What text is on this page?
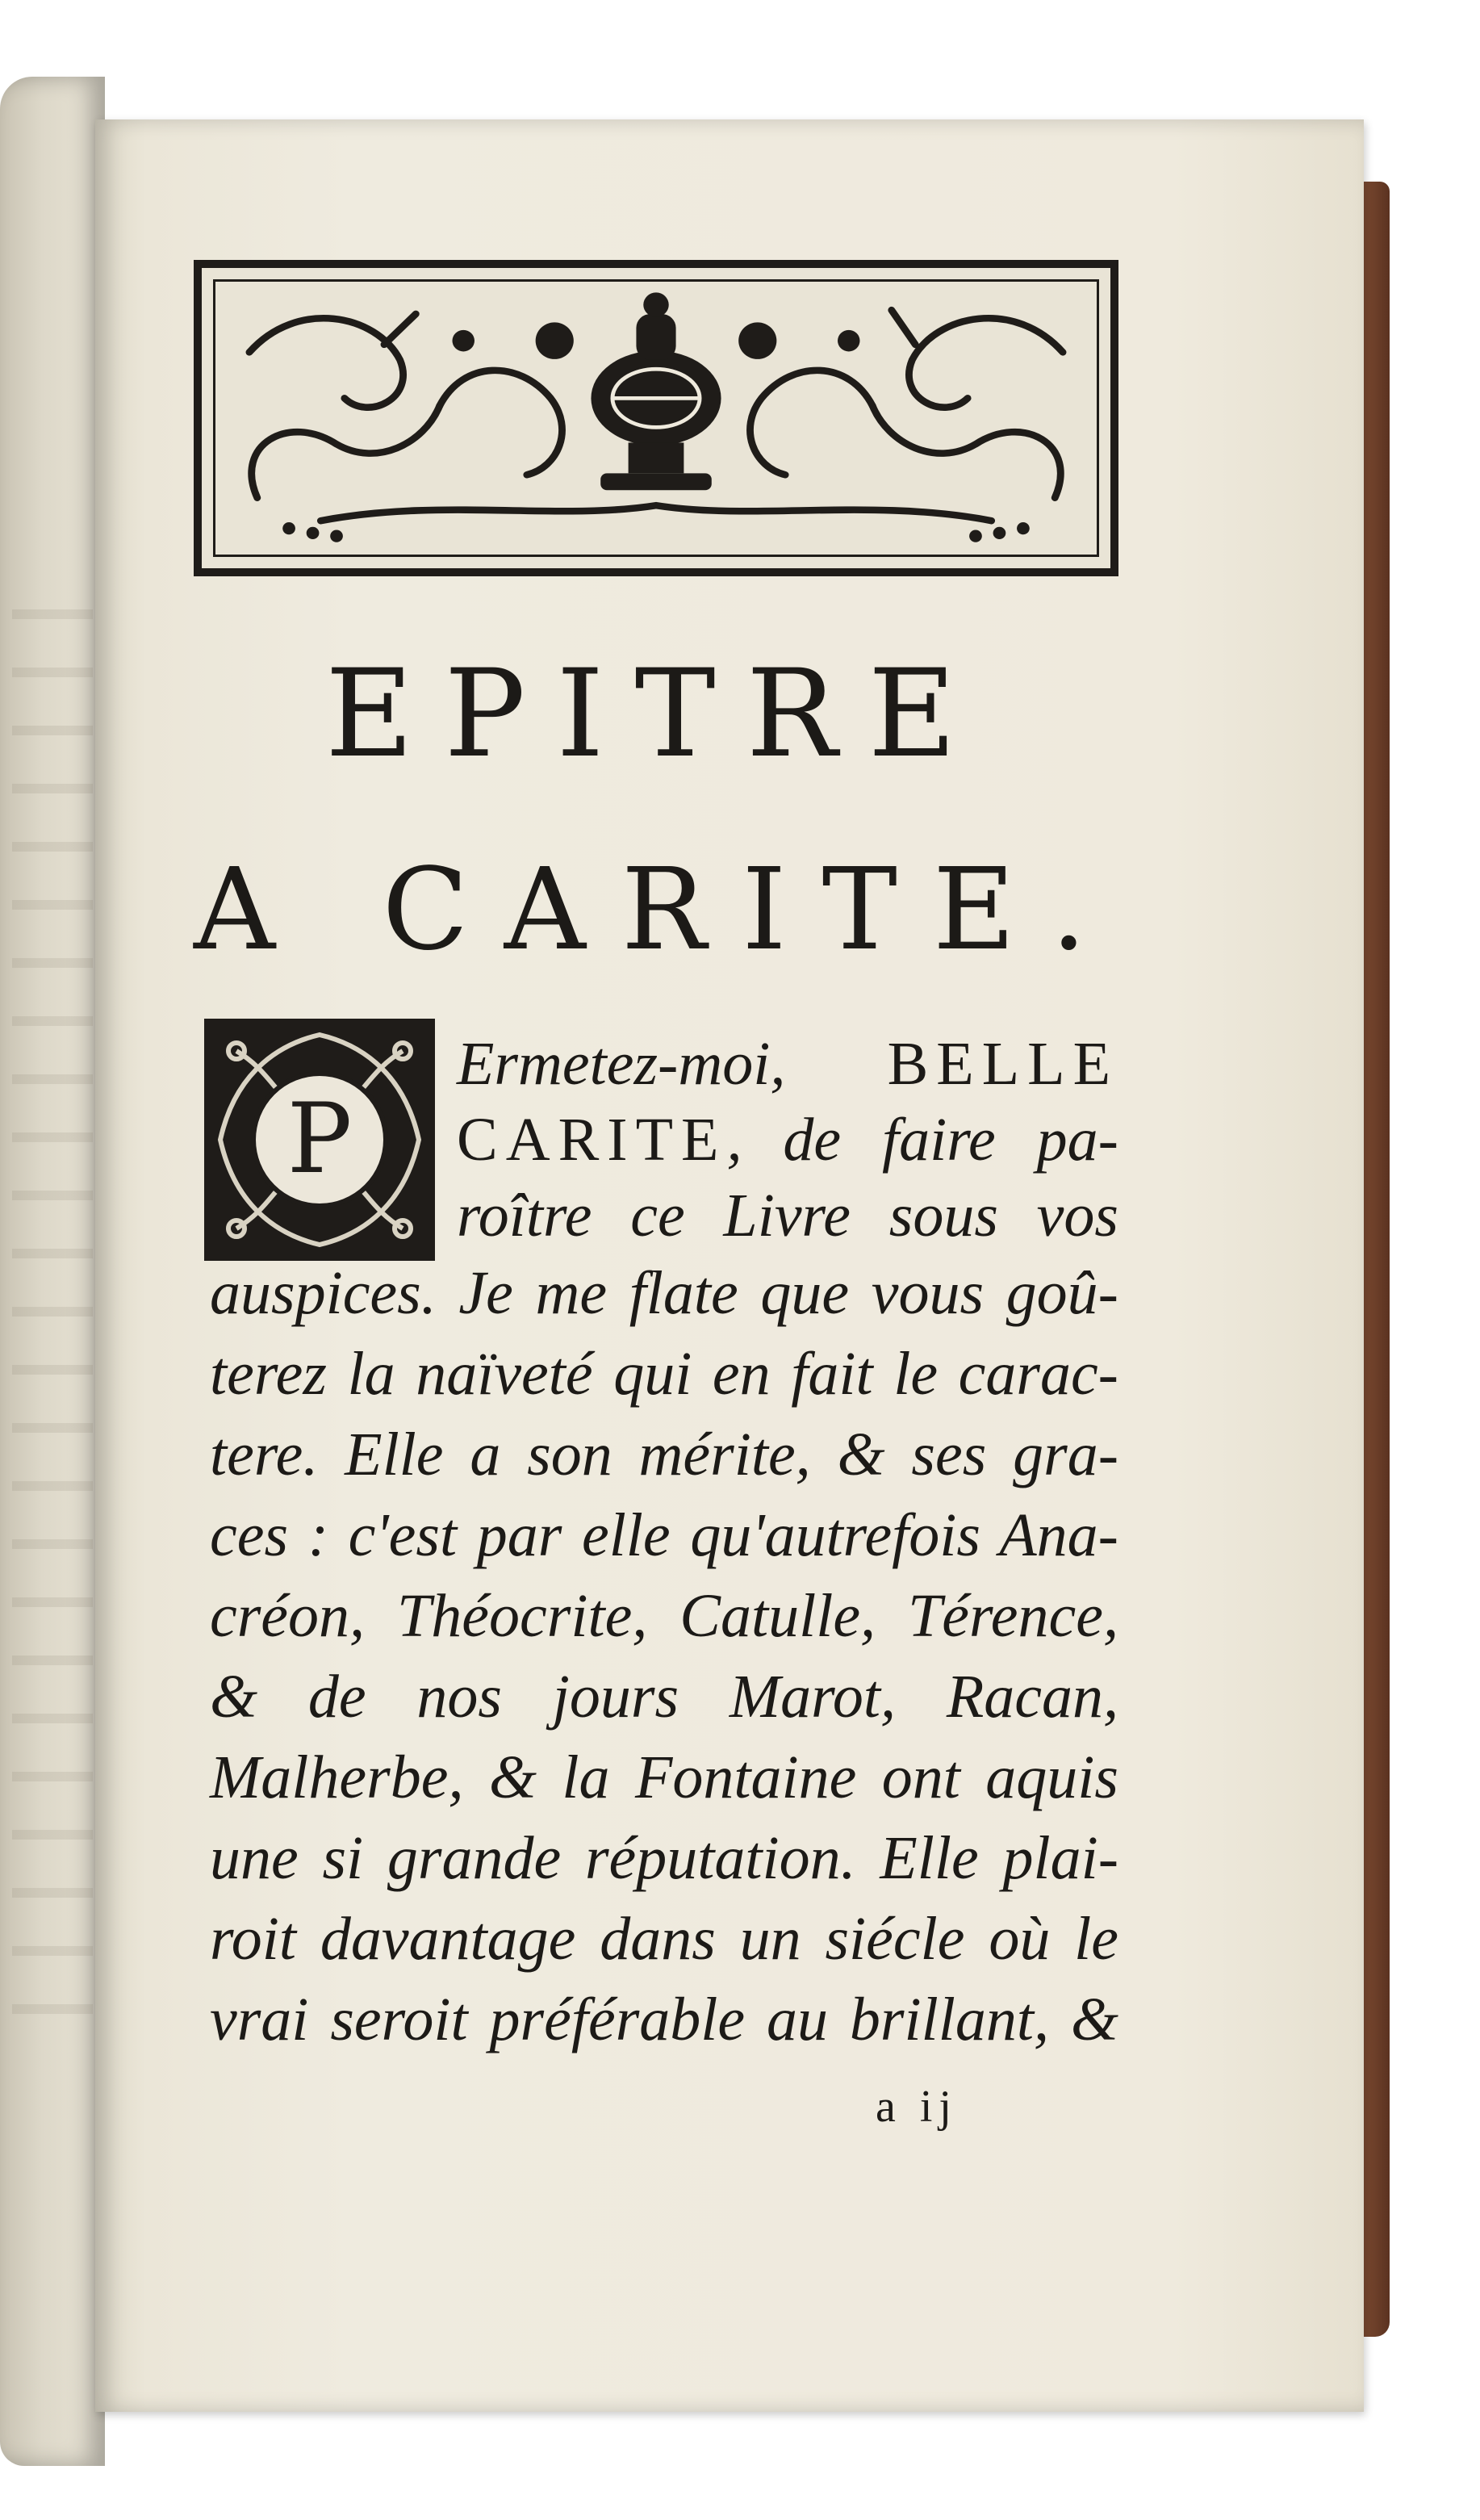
EPITRE
A CARITE.
P
Ermetez-moi, BELLE
CARITE, de faire pa-
roître ce Livre sous vos
auspices. Je me flate que vous goû-
terez la naïveté qui en fait le carac-
tere. Elle a son mérite, & ses gra-
ces : c'est par elle qu'autrefois Ana-
créon, Théocrite, Catulle, Térence,
& de nos jours Marot, Racan,
Malherbe, & la Fontaine ont aquis
une si grande réputation. Elle plai-
roit davantage dans un siécle où le
vrai seroit préférable au brillant, &
a ij
